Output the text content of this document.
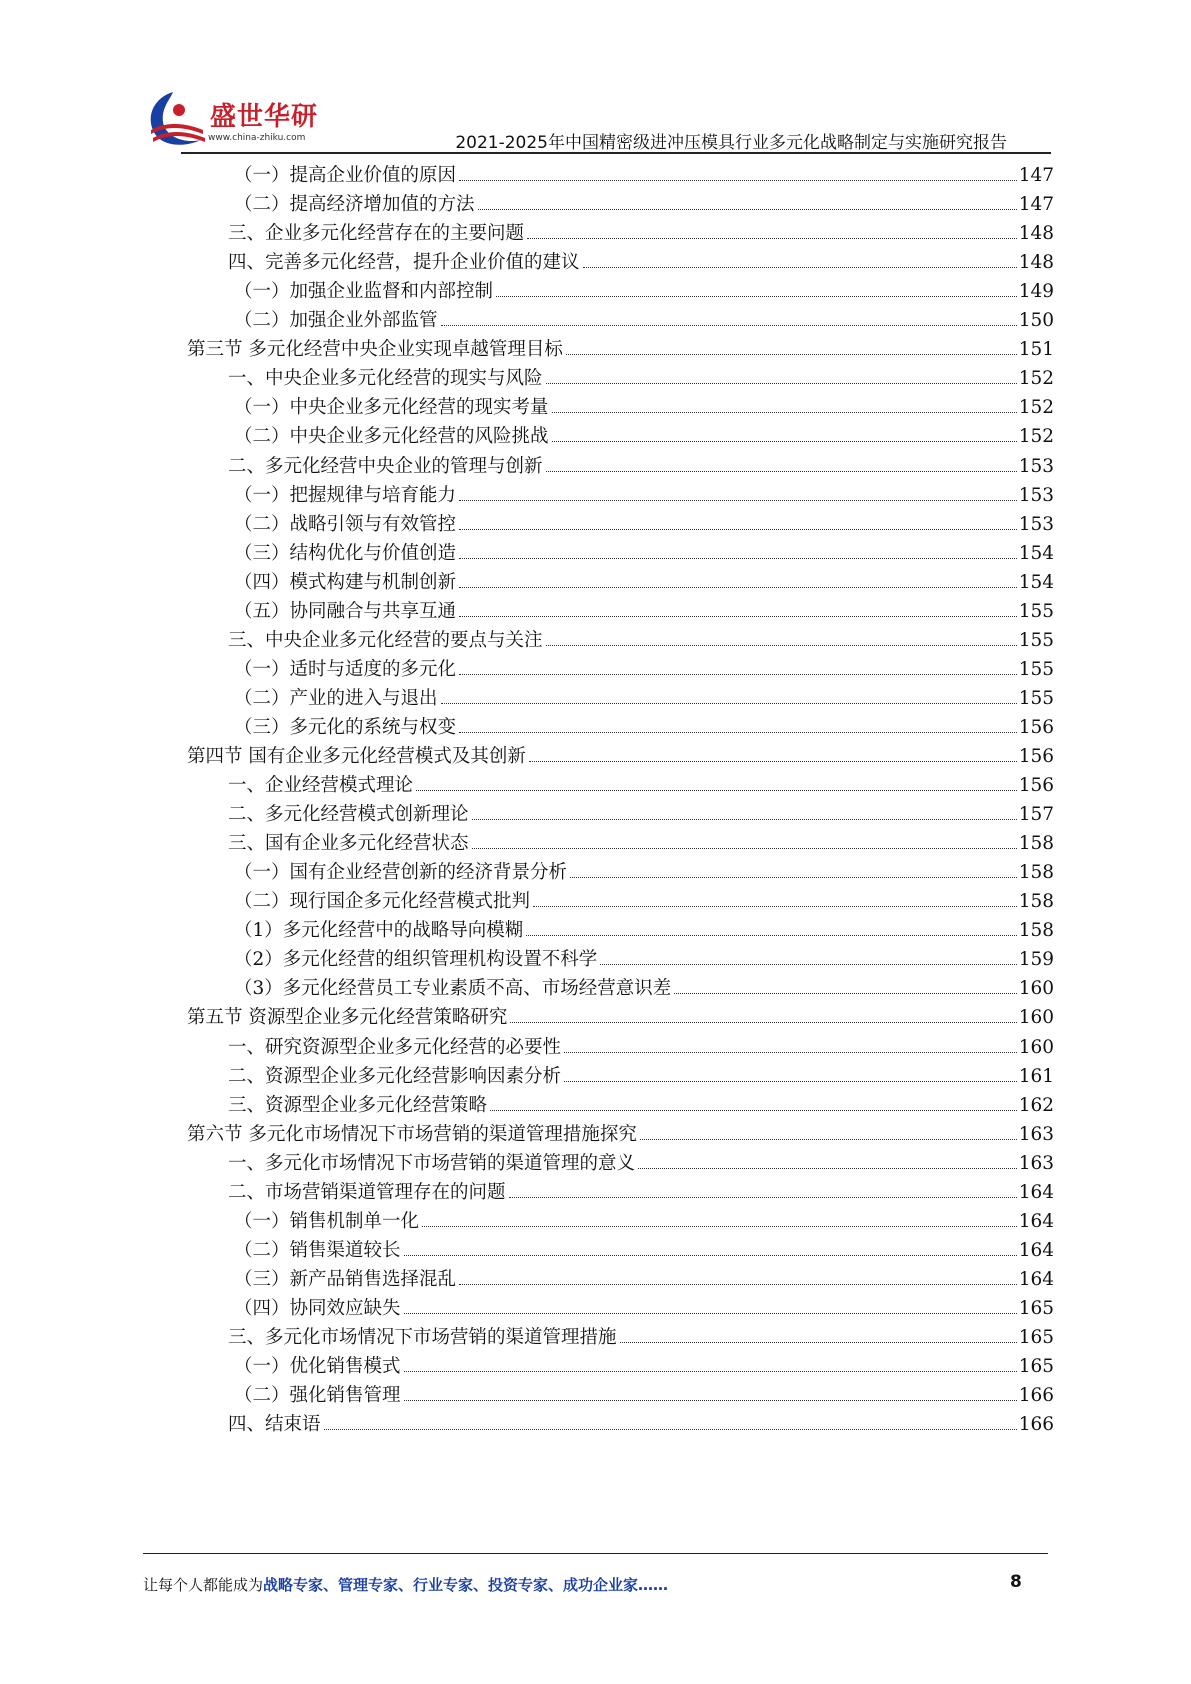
盛世华研
www.china-zhiku.com	2021-2025年中国精密级进冲压模具行业多元化战略制定与实施研究报告
（一）提高企业价值的原因	147
（二）提高经济增加值的方法	147
三、企业多元化经营存在的主要问题	148
四、完善多元化经营，提升企业价值的建议	148
（一）加强企业监督和内部控制	149
（二）加强企业外部监管	150
第三节 多元化经营中央企业实现卓越管理目标	151
一、中央企业多元化经营的现实与风险	152
（一）中央企业多元化经营的现实考量	152
（二）中央企业多元化经营的风险挑战	152
二、多元化经营中央企业的管理与创新	153
（一）把握规律与培育能力	153
（二）战略引领与有效管控	153
（三）结构优化与价值创造	154
（四）模式构建与机制创新	154
（五）协同融合与共享互通	155
三、中央企业多元化经营的要点与关注	155
（一）适时与适度的多元化	155
（二）产业的进入与退出	155
（三）多元化的系统与权变	156
第四节 国有企业多元化经营模式及其创新	156
一、企业经营模式理论	156
二、多元化经营模式创新理论	157
三、国有企业多元化经营状态	158
（一）国有企业经营创新的经济背景分析	158
（二）现行国企多元化经营模式批判	158
（1）多元化经营中的战略导向模糊	158
（2）多元化经营的组织管理机构设置不科学	159
（3）多元化经营员工专业素质不高、市场经营意识差	160
第五节 资源型企业多元化经营策略研究	160
一、研究资源型企业多元化经营的必要性	160
二、资源型企业多元化经营影响因素分析	161
三、资源型企业多元化经营策略	162
第六节 多元化市场情况下市场营销的渠道管理措施探究	163
一、多元化市场情况下市场营销的渠道管理的意义	163
二、市场营销渠道管理存在的问题	164
（一）销售机制单一化	164
（二）销售渠道较长	164
（三）新产品销售选择混乱	164
（四）协同效应缺失	165
三、多元化市场情况下市场营销的渠道管理措施	165
（一）优化销售模式	165
（二）强化销售管理	166
四、结束语	166
让每个人都能成为战略专家、管理专家、行业专家、投资专家、成功企业家……	8
